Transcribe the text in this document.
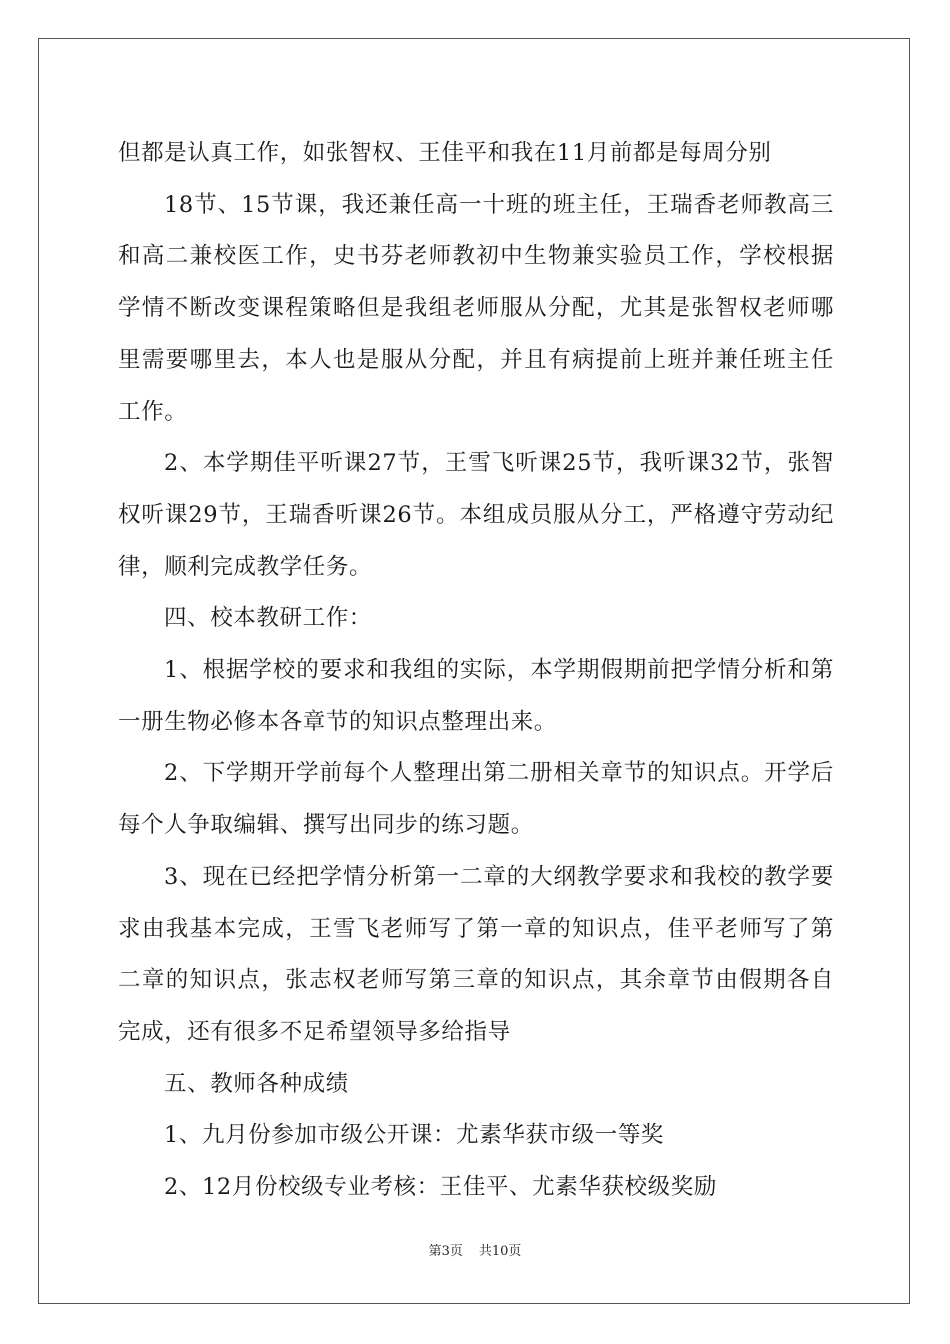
但都是认真工作，如张智权、王佳平和我在11月前都是每周分别

18节、15节课，我还兼任高一十班的班主任，王瑞香老师教高三和高二兼校医工作，史书芬老师教初中生物兼实验员工作，学校根据学情不断改变课程策略但是我组老师服从分配，尤其是张智权老师哪里需要哪里去，本人也是服从分配，并且有病提前上班并兼任班主任工作。

2、本学期佳平听课27节，王雪飞听课25节，我听课32节，张智权听课29节，王瑞香听课26节。本组成员服从分工，严格遵守劳动纪律，顺利完成教学任务。

四、校本教研工作：

1、根据学校的要求和我组的实际，本学期假期前把学情分析和第一册生物必修本各章节的知识点整理出来。

2、下学期开学前每个人整理出第二册相关章节的知识点。开学后每个人争取编辑、撰写出同步的练习题。

3、现在已经把学情分析第一二章的大纲教学要求和我校的教学要求由我基本完成，王雪飞老师写了第一章的知识点，佳平老师写了第二章的知识点，张志权老师写第三章的知识点，其余章节由假期各自完成，还有很多不足希望领导多给指导

五、教师各种成绩

1、九月份参加市级公开课：尤素华获市级一等奖

2、12月份校级专业考核：王佳平、尤素华获校级奖励

第3页 共10页
